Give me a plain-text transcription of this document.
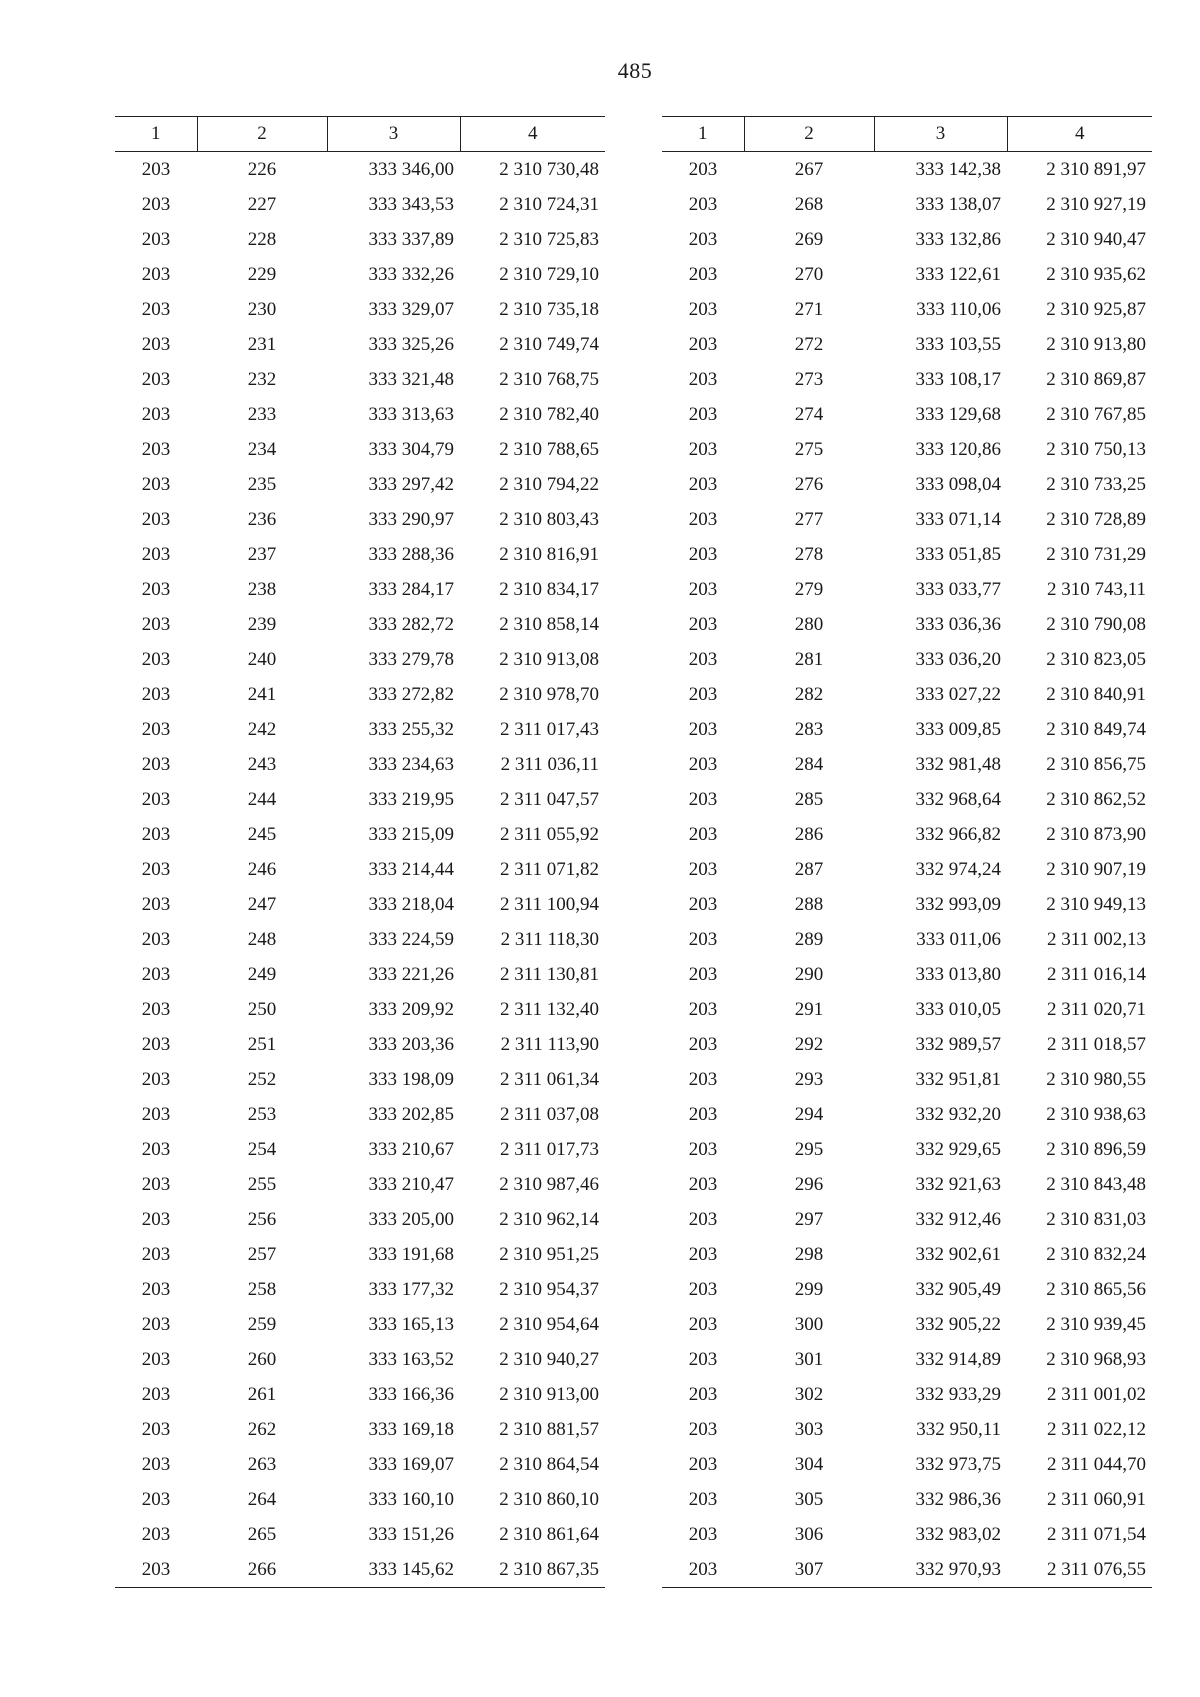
485
1	2	3	4
203	226	333 346,00	2 310 730,48
203	227	333 343,53	2 310 724,31
203	228	333 337,89	2 310 725,83
203	229	333 332,26	2 310 729,10
203	230	333 329,07	2 310 735,18
203	231	333 325,26	2 310 749,74
203	232	333 321,48	2 310 768,75
203	233	333 313,63	2 310 782,40
203	234	333 304,79	2 310 788,65
203	235	333 297,42	2 310 794,22
203	236	333 290,97	2 310 803,43
203	237	333 288,36	2 310 816,91
203	238	333 284,17	2 310 834,17
203	239	333 282,72	2 310 858,14
203	240	333 279,78	2 310 913,08
203	241	333 272,82	2 310 978,70
203	242	333 255,32	2 311 017,43
203	243	333 234,63	2 311 036,11
203	244	333 219,95	2 311 047,57
203	245	333 215,09	2 311 055,92
203	246	333 214,44	2 311 071,82
203	247	333 218,04	2 311 100,94
203	248	333 224,59	2 311 118,30
203	249	333 221,26	2 311 130,81
203	250	333 209,92	2 311 132,40
203	251	333 203,36	2 311 113,90
203	252	333 198,09	2 311 061,34
203	253	333 202,85	2 311 037,08
203	254	333 210,67	2 311 017,73
203	255	333 210,47	2 310 987,46
203	256	333 205,00	2 310 962,14
203	257	333 191,68	2 310 951,25
203	258	333 177,32	2 310 954,37
203	259	333 165,13	2 310 954,64
203	260	333 163,52	2 310 940,27
203	261	333 166,36	2 310 913,00
203	262	333 169,18	2 310 881,57
203	263	333 169,07	2 310 864,54
203	264	333 160,10	2 310 860,10
203	265	333 151,26	2 310 861,64
203	266	333 145,62	2 310 867,35
1	2	3	4
203	267	333 142,38	2 310 891,97
203	268	333 138,07	2 310 927,19
203	269	333 132,86	2 310 940,47
203	270	333 122,61	2 310 935,62
203	271	333 110,06	2 310 925,87
203	272	333 103,55	2 310 913,80
203	273	333 108,17	2 310 869,87
203	274	333 129,68	2 310 767,85
203	275	333 120,86	2 310 750,13
203	276	333 098,04	2 310 733,25
203	277	333 071,14	2 310 728,89
203	278	333 051,85	2 310 731,29
203	279	333 033,77	2 310 743,11
203	280	333 036,36	2 310 790,08
203	281	333 036,20	2 310 823,05
203	282	333 027,22	2 310 840,91
203	283	333 009,85	2 310 849,74
203	284	332 981,48	2 310 856,75
203	285	332 968,64	2 310 862,52
203	286	332 966,82	2 310 873,90
203	287	332 974,24	2 310 907,19
203	288	332 993,09	2 310 949,13
203	289	333 011,06	2 311 002,13
203	290	333 013,80	2 311 016,14
203	291	333 010,05	2 311 020,71
203	292	332 989,57	2 311 018,57
203	293	332 951,81	2 310 980,55
203	294	332 932,20	2 310 938,63
203	295	332 929,65	2 310 896,59
203	296	332 921,63	2 310 843,48
203	297	332 912,46	2 310 831,03
203	298	332 902,61	2 310 832,24
203	299	332 905,49	2 310 865,56
203	300	332 905,22	2 310 939,45
203	301	332 914,89	2 310 968,93
203	302	332 933,29	2 311 001,02
203	303	332 950,11	2 311 022,12
203	304	332 973,75	2 311 044,70
203	305	332 986,36	2 311 060,91
203	306	332 983,02	2 311 071,54
203	307	332 970,93	2 311 076,55
